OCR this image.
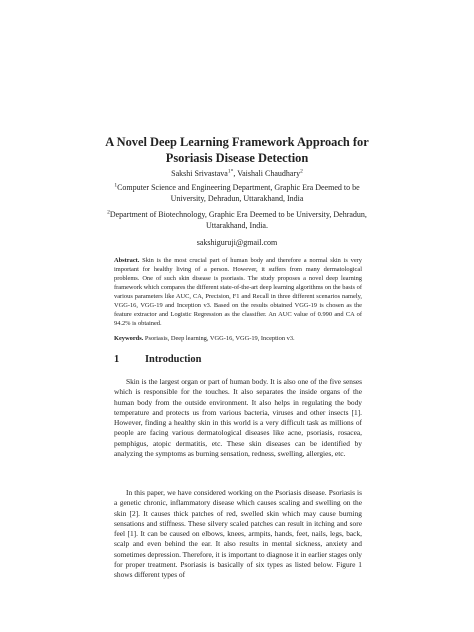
A Novel Deep Learning Framework Approach for
Psoriasis Disease Detection
Sakshi Srivastava$^{1*}$, Vaishali Chaudhary$^2$
$^1$Computer Science and Engineering Department, Graphic Era Deemed to be
University, Dehradun, Uttarakhand, India
$^2$Department of Biotechnology, Graphic Era Deemed to be University, Dehradun,
Uttarakhand, India.
sakshiguruji@gmail.com
Abstract. Skin is the most crucial part of human body and therefore a normal skin is very important for healthy living of a person. However, it suffers from many dermatological problems. One of such skin disease is psoriasis. The study proposes a novel deep learning framework which compares the different state-of-the-art deep learning algorithms on the basis of various parameters like AUC, CA, Precision, F1 and Recall in three different scenarios namely, VGG-16, VGG-19 and Inception v3. Based on the results obtained VGG-19 is chosen as the feature extractor and Logistic Regression as the classifier. An AUC value of 0.990 and CA of 94.2% is obtained.
Keywords. Psoriasis, Deep learning, VGG-16, VGG-19, Inception v3.
1 Introduction
Skin is the largest organ or part of human body. It is also one of the five senses which is responsible for the touches. It also separates the inside organs of the human body from the outside environment. It also helps in regulating the body temperature and protects us from various bacteria, viruses and other insects [1]. However, finding a healthy skin in this world is a very difficult task as millions of people are facing various dermatological diseases like acne, psoriasis, rosacea, pemphigus, atopic dermatitis, etc. These skin diseases can be identified by analyzing the symptoms as burning sensation, redness, swelling, allergies, etc.
In this paper, we have considered working on the Psoriasis disease. Psoriasis is a genetic chronic, inflammatory disease which causes scaling and swelling on the skin [2]. It causes thick patches of red, swelled skin which may cause burning sensations and stiffness. These silvery scaled patches can result in itching and sore feel [1]. It can be caused on elbows, knees, armpits, hands, feet, nails, legs, back, scalp and even behind the ear. It also results in mental sickness, anxiety and sometimes depression. Therefore, it is important to diagnose it in earlier stages only for proper treatment. Psoriasis is basically of six types as listed below. Figure 1 shows different types of
